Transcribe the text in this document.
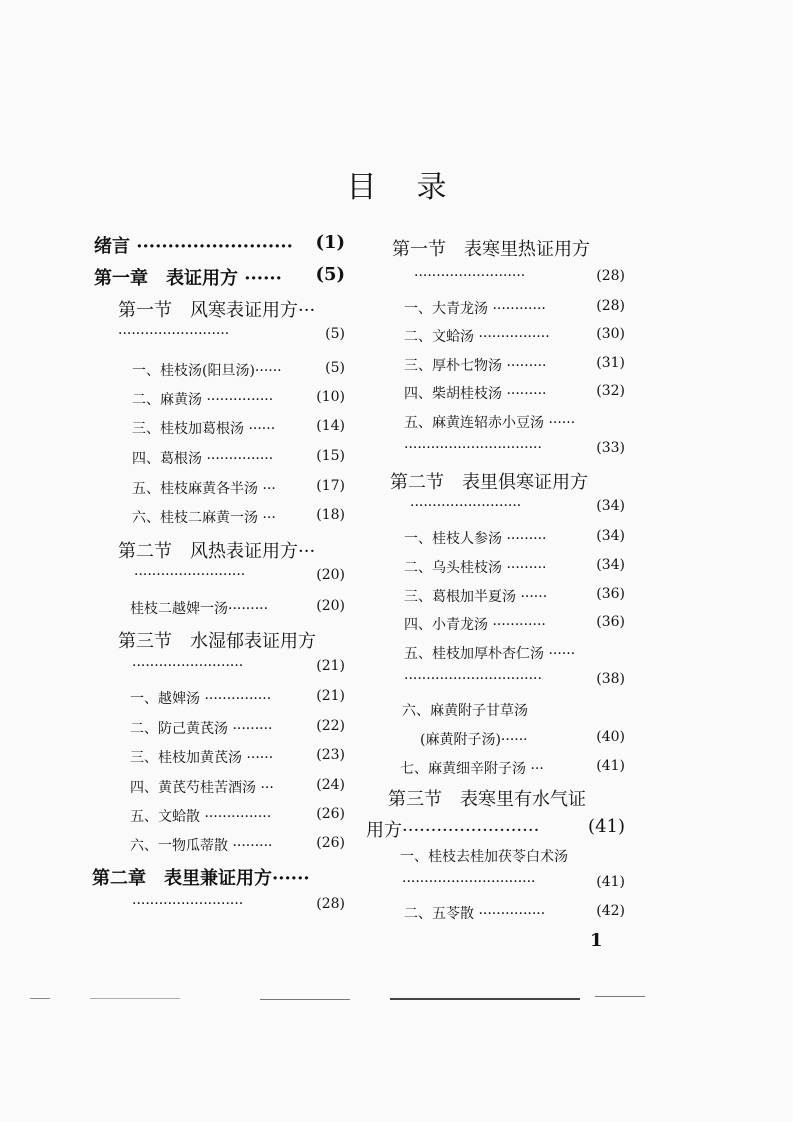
目录
绪言 ························· (1)
第一章　表证用方 ······ (5)
第一节　风寒表证用方···
·························	(5)
一、桂枝汤(阳旦汤)······	(5)
二、麻黄汤 ···············	(10)
三、桂枝加葛根汤 ······	(14)
四、葛根汤 ···············	(15)
五、桂枝麻黄各半汤 ···	(17)
六、桂枝二麻黄一汤 ···	(18)
第二节　风热表证用方···
·························	(20)
桂枝二越婢一汤·········	(20)
第三节　水湿郁表证用方
·························	(21)
一、越婢汤 ···············	(21)
二、防己黄芪汤 ·········	(22)
三、桂枝加黄芪汤 ······	(23)
四、黄芪芍桂苦酒汤 ···	(24)
五、文蛤散 ···············	(26)
六、一物瓜蒂散 ·········	(26)
第二章　表里兼证用方······
·························	(28)
第一节　表寒里热证用方
·························	(28)
一、大青龙汤 ············	(28)
二、文蛤汤 ················	(30)
三、厚朴七物汤 ·········	(31)
四、柴胡桂枝汤 ·········	(32)
五、麻黄连轺赤小豆汤 ······
·······························	(33)
第二节　表里俱寒证用方
·························	(34)
一、桂枝人参汤 ·········	(34)
二、乌头桂枝汤 ·········	(34)
三、葛根加半夏汤 ······	(36)
四、小青龙汤 ············	(36)
五、桂枝加厚朴杏仁汤 ······
·······························	(38)
六、麻黄附子甘草汤
(麻黄附子汤)······	(40)
七、麻黄细辛附子汤 ···	(41)
第三节　表寒里有水气证
用方························	(41)
一、桂枝去桂加茯苓白术汤
······························	(41)
二、五苓散 ···············	(42)
1
